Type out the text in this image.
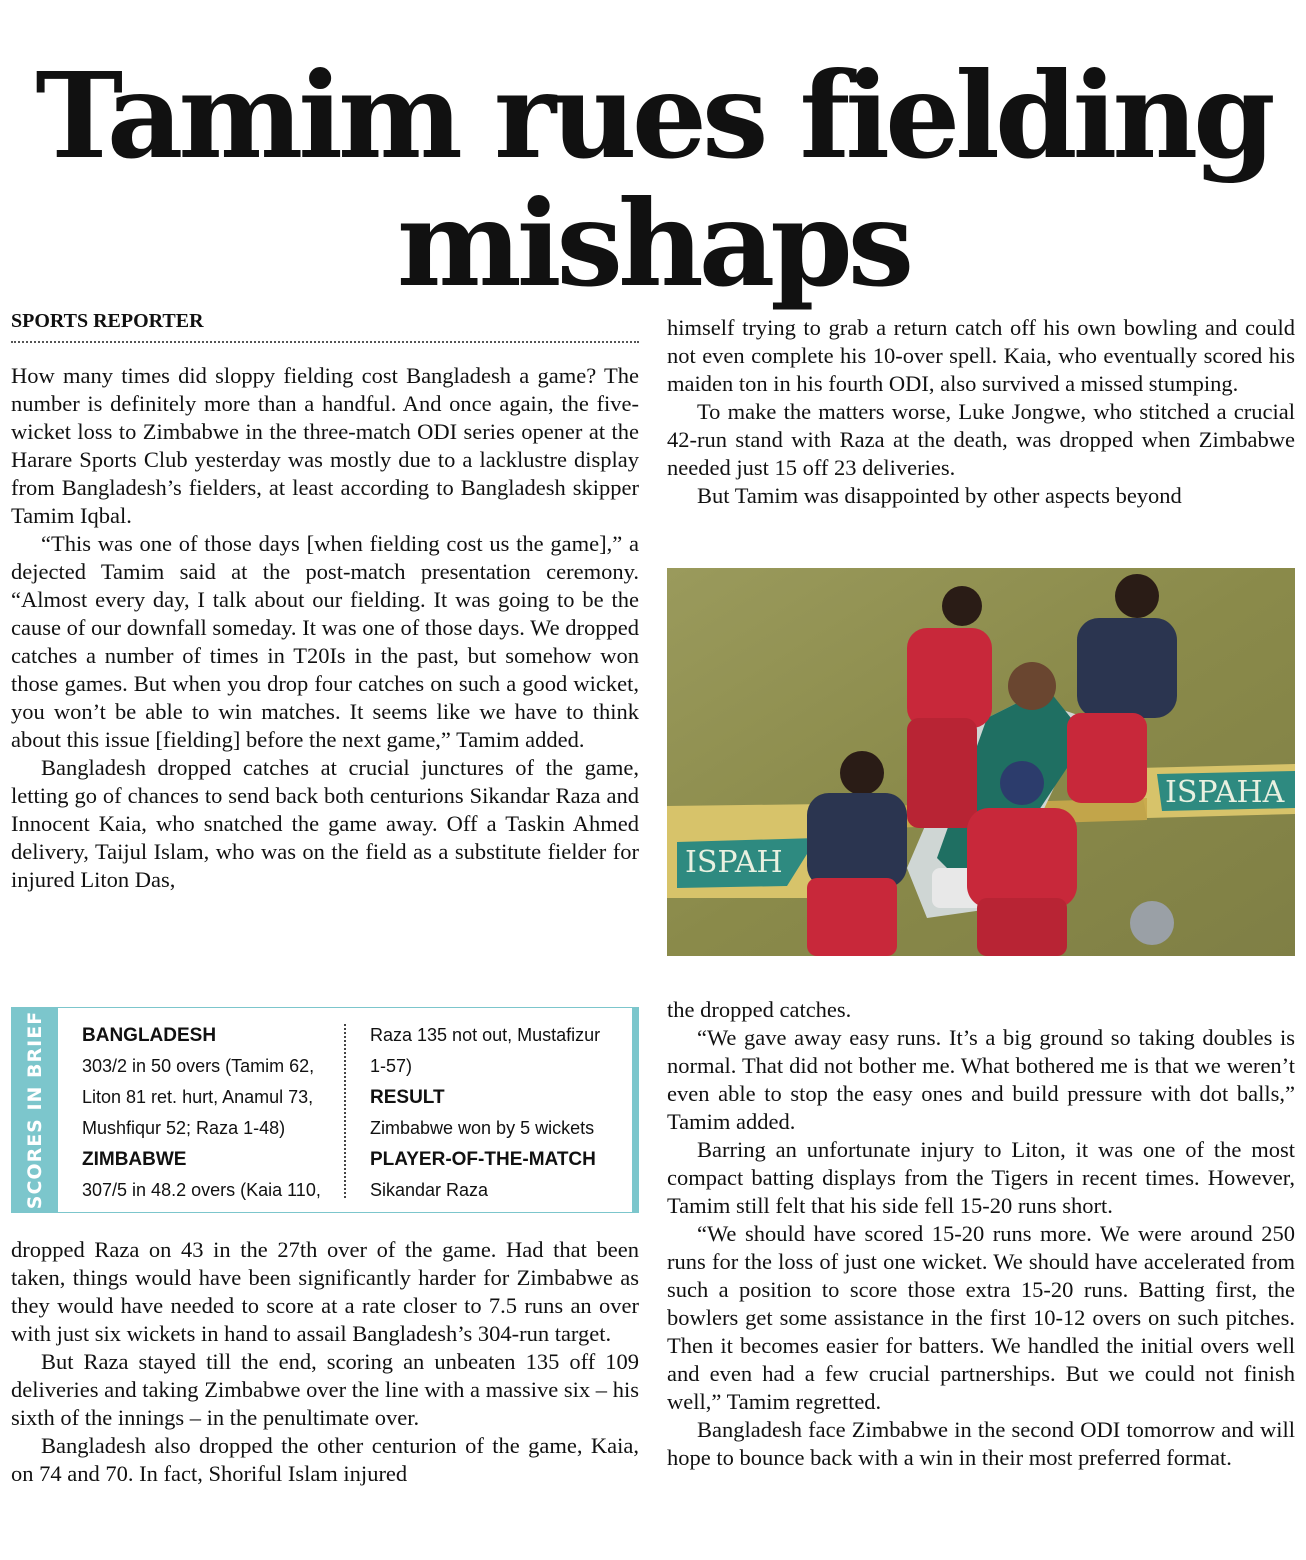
Tamim rues fielding mishaps
SPORTS REPORTER

How many times did sloppy fielding cost Bangladesh a game? The number is definitely more than a handful. And once again, the five-wicket loss to Zimbabwe in the three-match ODI series opener at the Harare Sports Club yesterday was mostly due to a lacklustre display from Bangladesh’s fielders, at least according to Bangladesh skipper Tamim Iqbal.

“This was one of those days [when fielding cost us the game],” a dejected Tamim said at the post-match presentation ceremony. “Almost every day, I talk about our fielding. It was going to be the cause of our downfall someday. It was one of those days. We dropped catches a number of times in T20Is in the past, but somehow won those games. But when you drop four catches on such a good wicket, you won’t be able to win matches. It seems like we have to think about this issue [fielding] before the next game,” Tamim added.

Bangladesh dropped catches at crucial junctures of the game, letting go of chances to send back both centurions Sikandar Raza and Innocent Kaia, who snatched the game away. Off a Taskin Ahmed delivery, Taijul Islam, who was on the field as a substitute fielder for injured Liton Das,

SCORES IN BRIEF BANGLADESH
303/2 in 50 overs (Tamim 62,
Liton 81 ret. hurt, Anamul 73,
Mushfiqur 52; Raza 1-48)
ZIMBABWE
307/5 in 48.2 overs (Kaia 110,
Raza 135 not out, Mustafizur
1-57)
RESULT
Zimbabwe won by 5 wickets
PLAYER-OF-THE-MATCH
Sikandar Raza

dropped Raza on 43 in the 27th over of the game. Had that been taken, things would have been significantly harder for Zimbabwe as they would have needed to score at a rate closer to 7.5 runs an over with just six wickets in hand to assail Bangladesh’s 304-run target.

But Raza stayed till the end, scoring an unbeaten 135 off 109 deliveries and taking Zimbabwe over the line with a massive six – his sixth of the innings – in the penultimate over.

Bangladesh also dropped the other centurion of the game, Kaia, on 74 and 70. In fact, Shoriful Islam injured

himself trying to grab a return catch off his own bowling and could not even complete his 10-over spell. Kaia, who eventually scored his maiden ton in his fourth ODI, also survived a missed stumping.

To make the matters worse, Luke Jongwe, who stitched a crucial 42-run stand with Raza at the death, was dropped when Zimbabwe needed just 15 off 23 deliveries.

But Tamim was disappointed by other aspects beyond

ISPAH
ISPAHA

the dropped catches.

“We gave away easy runs. It’s a big ground so taking doubles is normal. That did not bother me. What bothered me is that we weren’t even able to stop the easy ones and build pressure with dot balls,” Tamim added.

Barring an unfortunate injury to Liton, it was one of the most compact batting displays from the Tigers in recent times. However, Tamim still felt that his side fell 15-20 runs short.

“We should have scored 15-20 runs more. We were around 250 runs for the loss of just one wicket. We should have accelerated from such a position to score those extra 15-20 runs. Batting first, the bowlers get some assistance in the first 10-12 overs on such pitches. Then it becomes easier for batters. We handled the initial overs well and even had a few crucial partnerships. But we could not finish well,” Tamim regretted.

Bangladesh face Zimbabwe in the second ODI tomorrow and will hope to bounce back with a win in their most preferred format.
